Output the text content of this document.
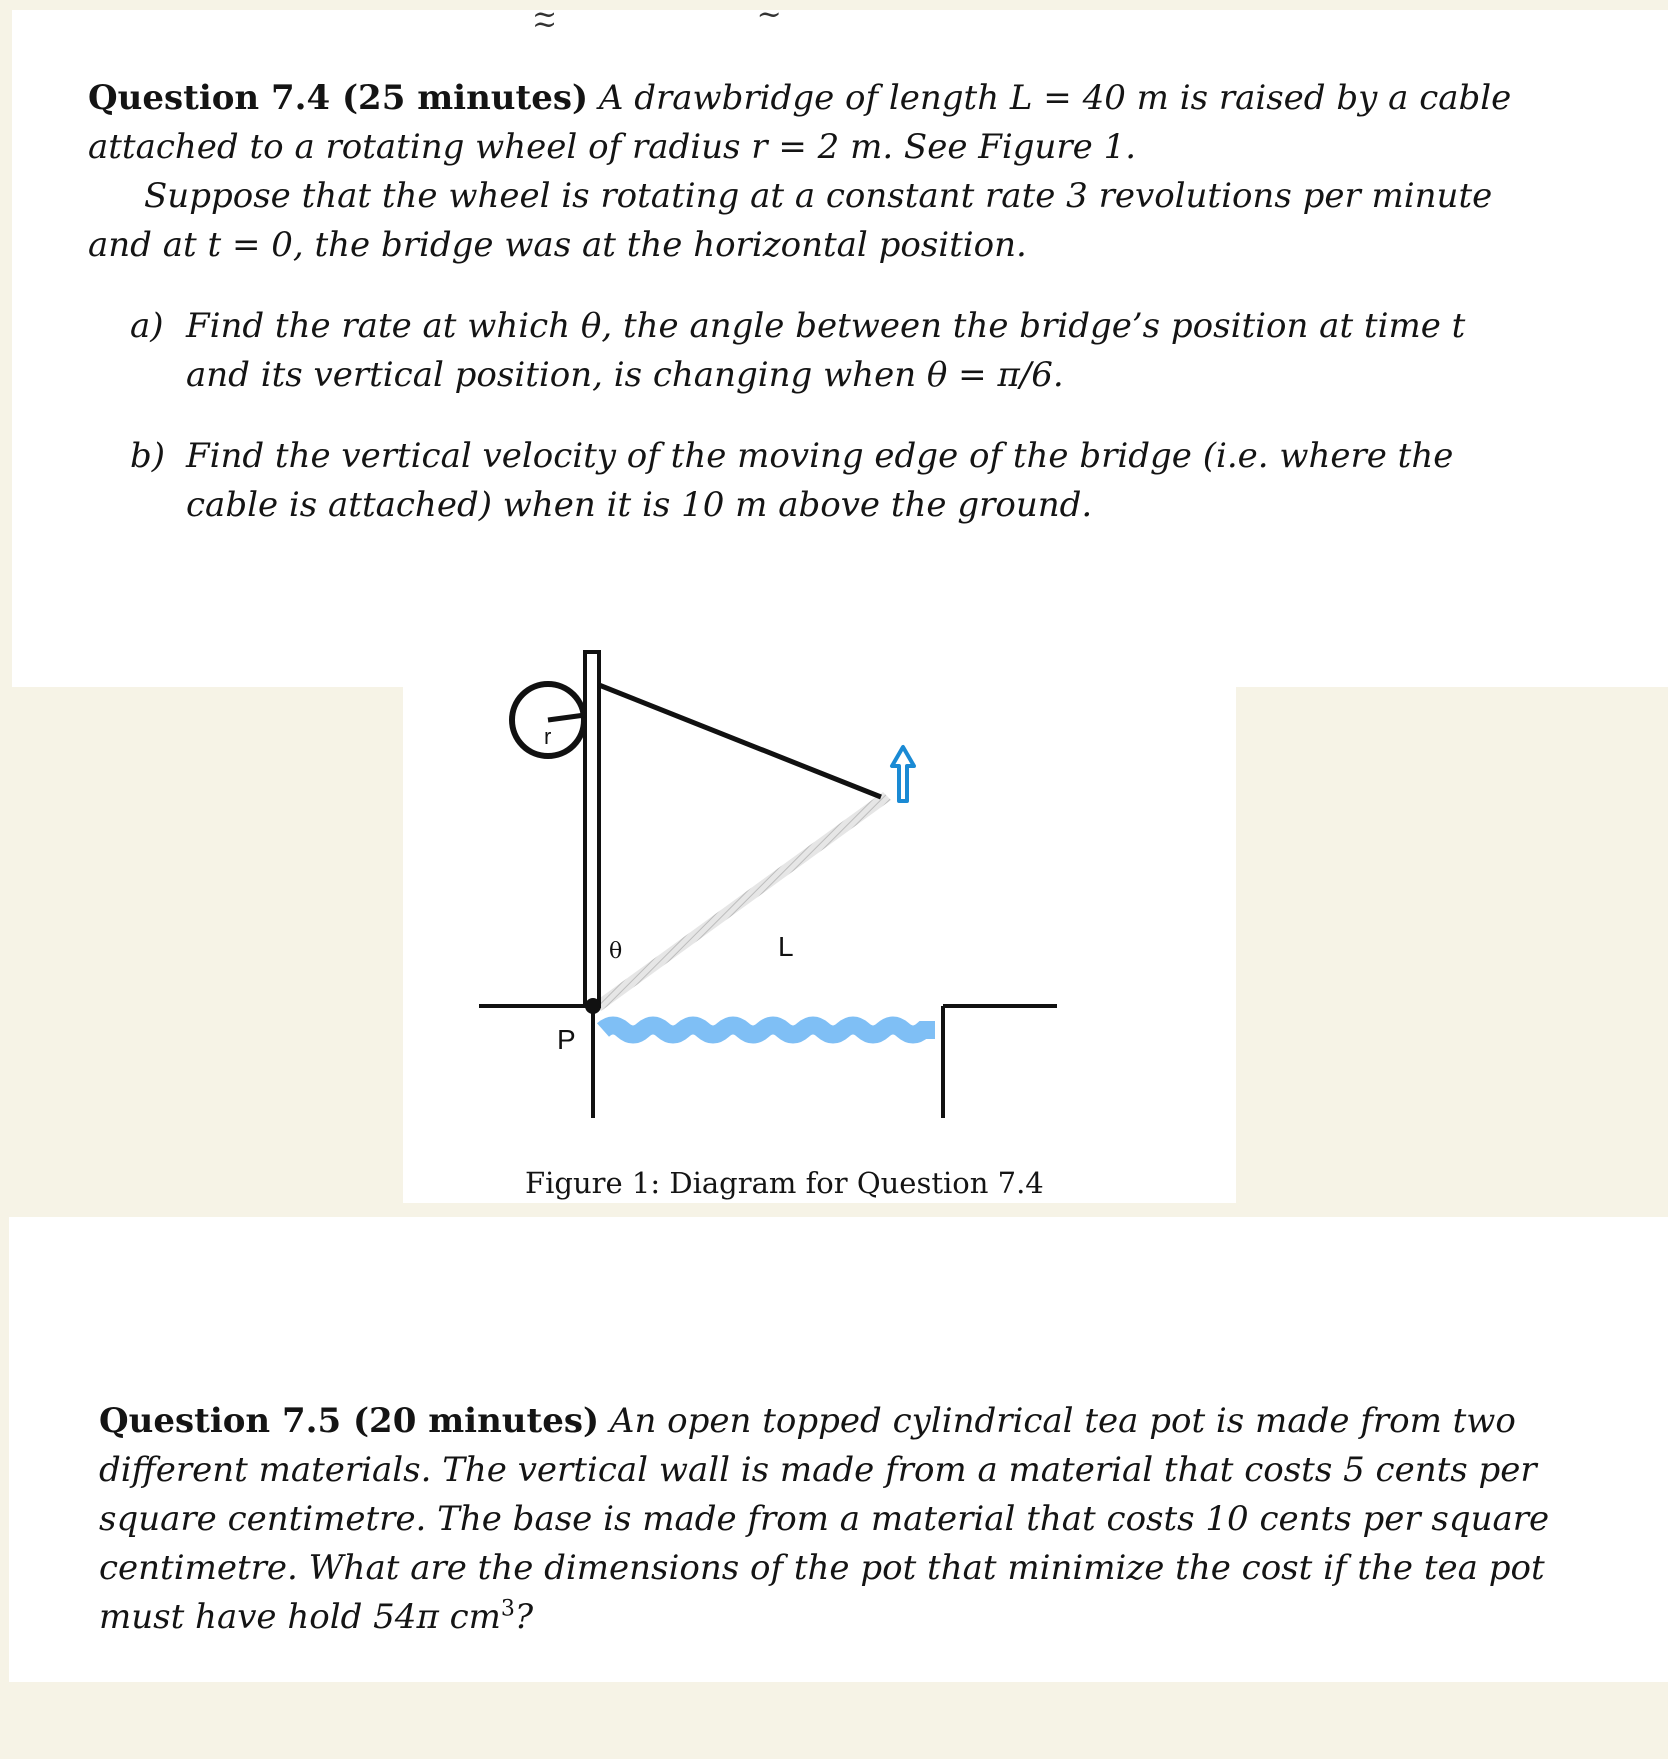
~ ~ ~

Question 7.4 (25 minutes) A drawbridge of length L = 40 m is raised by a cable attached to a rotating wheel of radius r = 2 m. See Figure 1.

Suppose that the wheel is rotating at a constant rate 3 revolutions per minute and at t = 0, the bridge was at the horizontal position.

a) Find the rate at which θ, the angle between the bridge’s position at time t and its vertical position, is changing when θ = π/6.
b) Find the vertical velocity of the moving edge of the bridge (i.e. where the cable is attached) when it is 10 m above the ground.
r
θ	L
P
Figure 1: Diagram for Question 7.4

Question 7.5 (20 minutes) An open topped cylindrical tea pot is made from two different materials. The vertical wall is made from a material that costs 5 cents per square centimetre. The base is made from a material that costs 10 cents per square centimetre. What are the dimensions of the pot that minimize the cost if the tea pot must have hold 54π $cm^3$?
